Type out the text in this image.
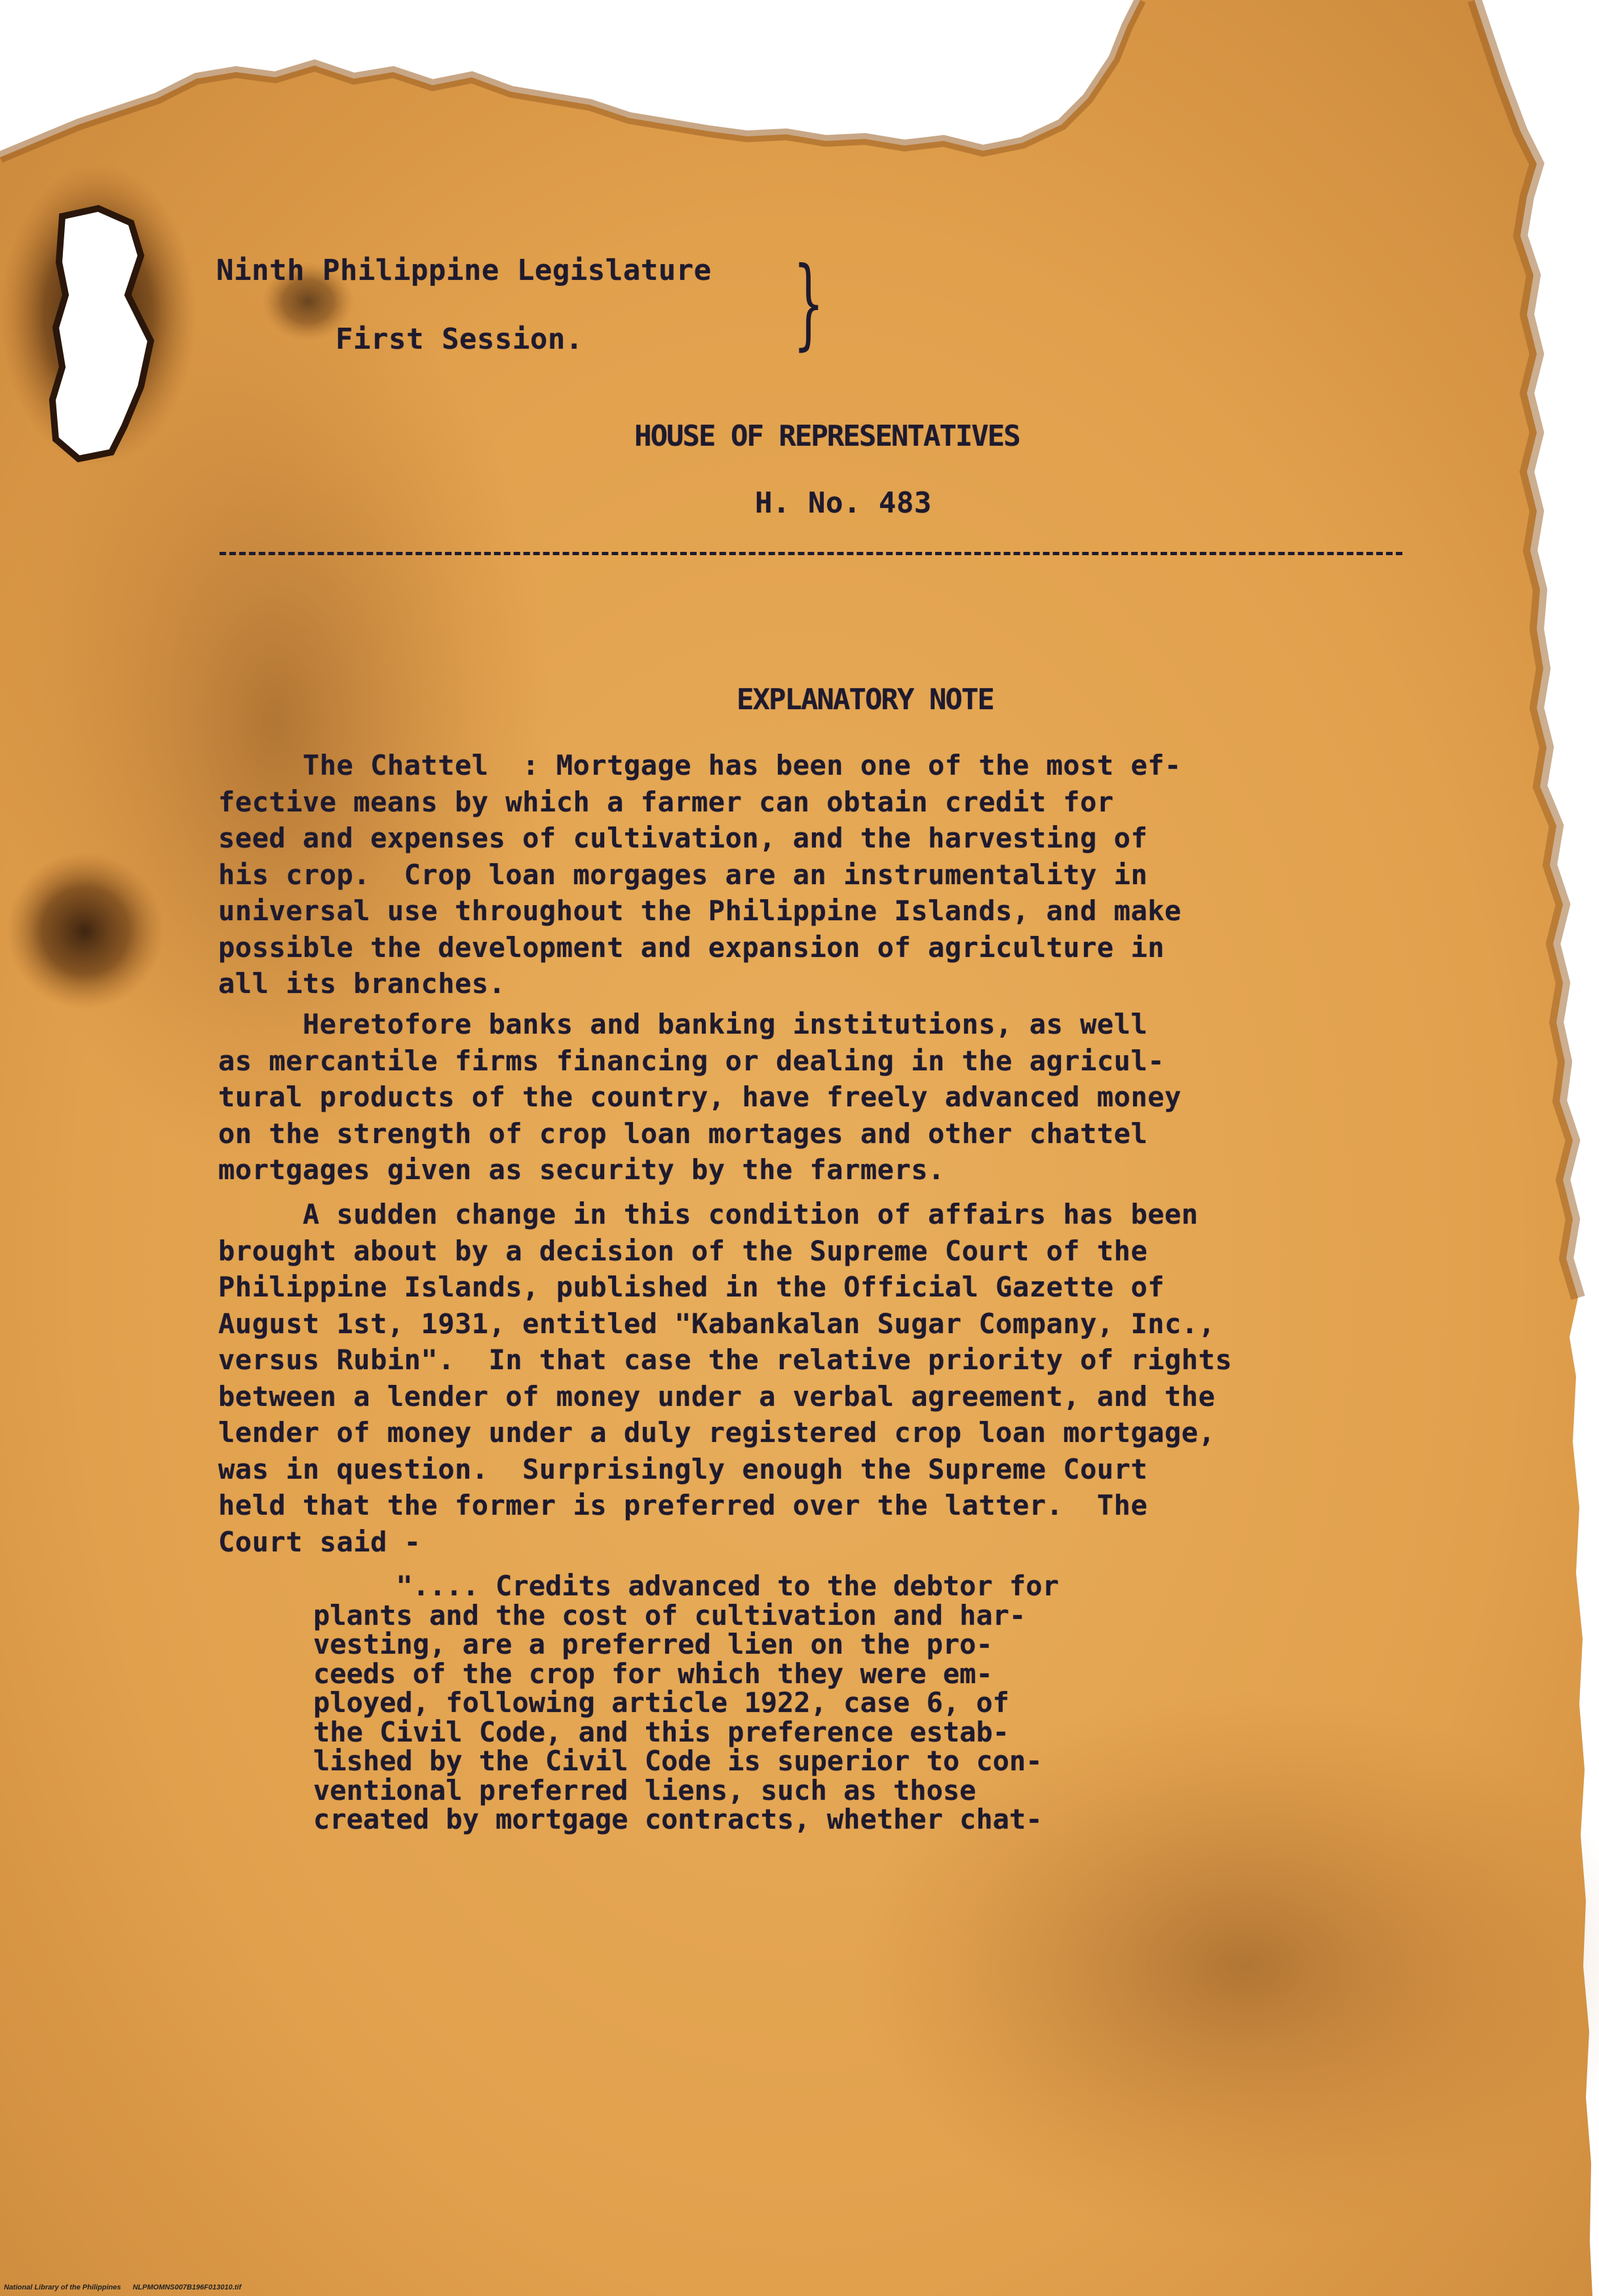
Ninth Philippine Legislature
First Session. }
HOUSE OF REPRESENTATIVES
H. No. 483
EXPLANATORY NOTE
The Chattel  : Mortgage has been one of the most ef-
fective means by which a farmer can obtain credit for
seed and expenses of cultivation, and the harvesting of
his crop.  Crop loan morgages are an instrumentality in
universal use throughout the Philippine Islands, and make
possible the development and expansion of agriculture in
all its branches.
Heretofore banks and banking institutions, as well
as mercantile firms financing or dealing in the agricul-
tural products of the country, have freely advanced money
on the strength of crop loan mortages and other chattel
mortgages given as security by the farmers.
A sudden change in this condition of affairs has been
brought about by a decision of the Supreme Court of the
Philippine Islands, published in the Official Gazette of
August 1st, 1931, entitled "Kabankalan Sugar Company, Inc.,
versus Rubin".  In that case the relative priority of rights
between a lender of money under a verbal agreement, and the
lender of money under a duly registered crop loan mortgage,
was in question.  Surprisingly enough the Supreme Court
held that the former is preferred over the latter.  The
Court said -
".... Credits advanced to the debtor for
plants and the cost of cultivation and har-
vesting, are a preferred lien on the pro-
ceeds of the crop for which they were em-
ployed, following article 1922, case 6, of
the Civil Code, and this preference estab-
lished by the Civil Code is superior to con-
ventional preferred liens, such as those
created by mortgage contracts, whether chat-
National Library of the Philippines NLPMOMNS007B196F013010.tif
